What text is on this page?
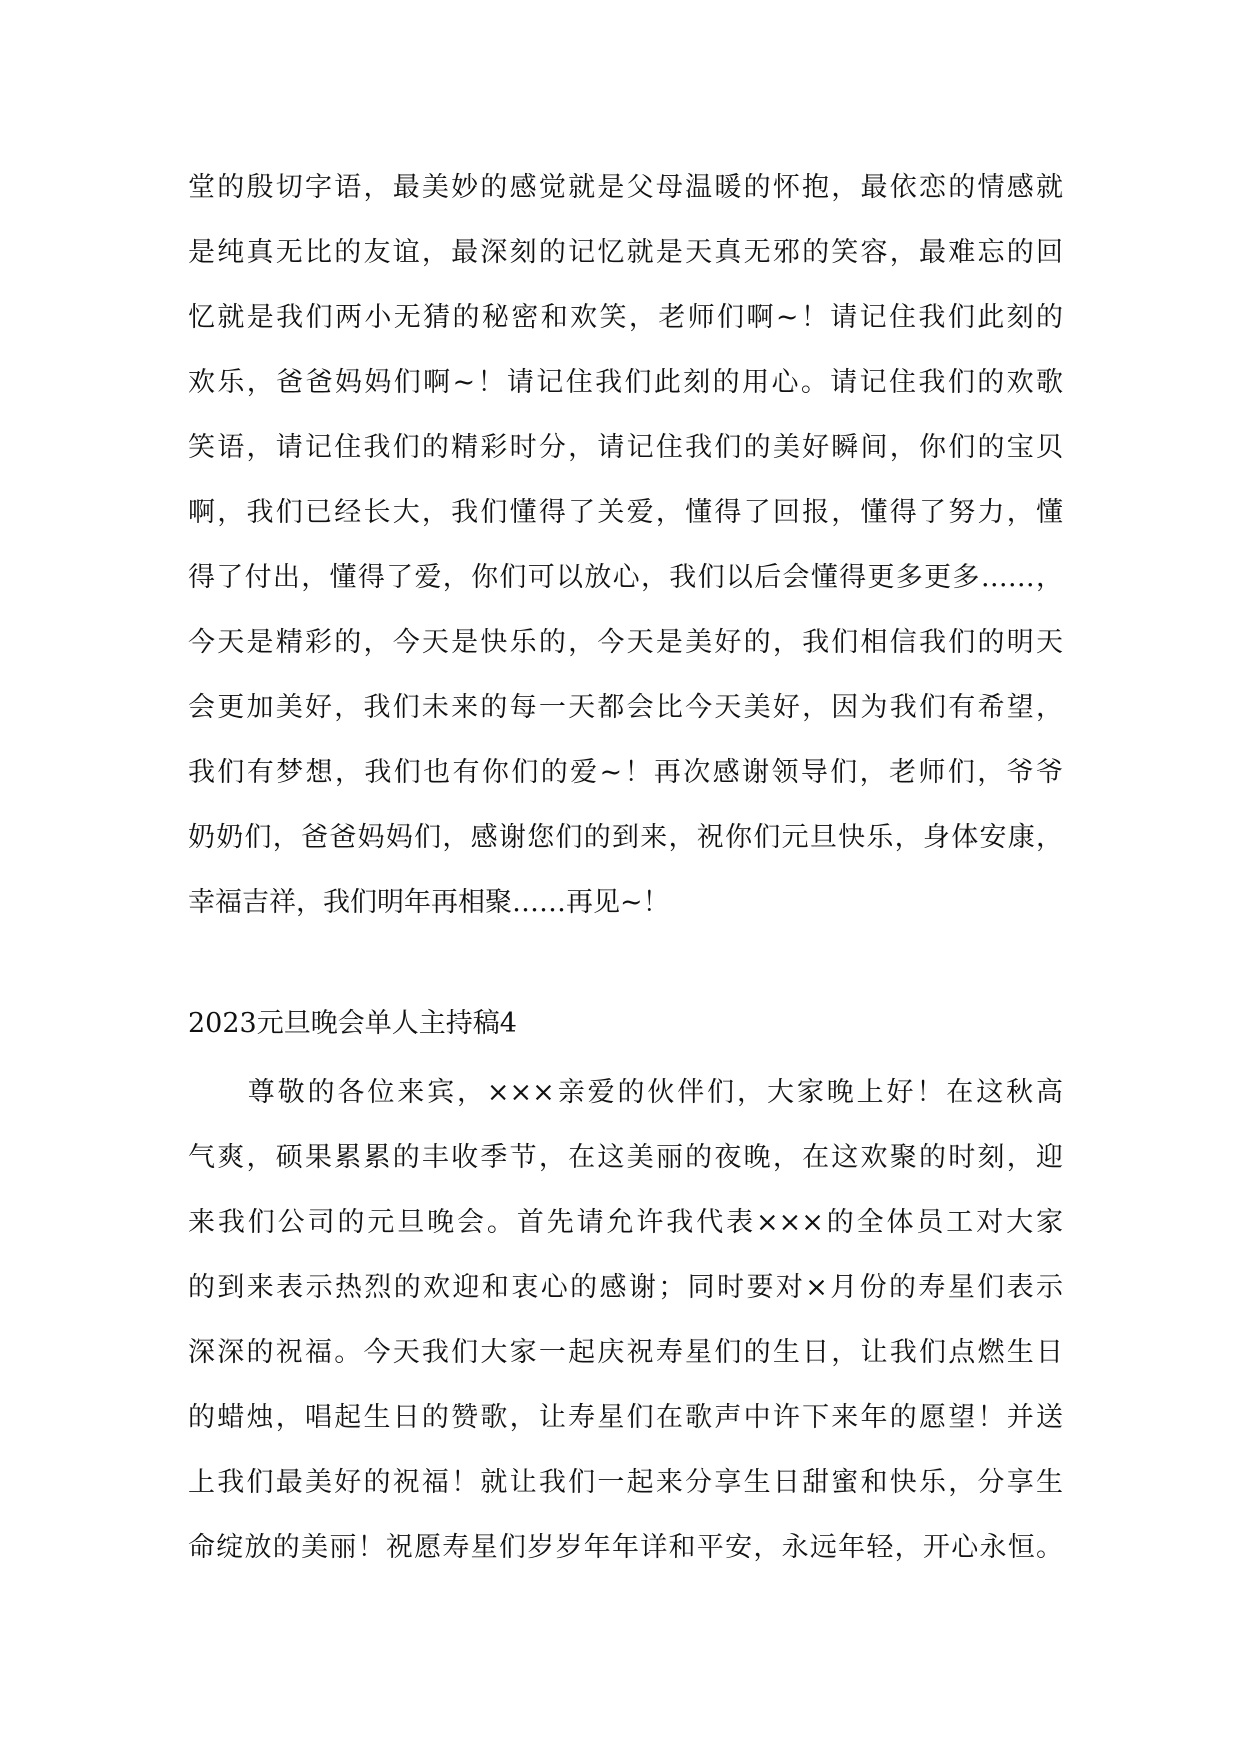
堂的殷切字语，最美妙的感觉就是父母温暖的怀抱，最依恋的情感就
是纯真无比的友谊，最深刻的记忆就是天真无邪的笑容，最难忘的回
忆就是我们两小无猜的秘密和欢笑，老师们啊~！请记住我们此刻的
欢乐，爸爸妈妈们啊~！请记住我们此刻的用心。请记住我们的欢歌
笑语，请记住我们的精彩时分，请记住我们的美好瞬间，你们的宝贝
啊，我们已经长大，我们懂得了关爱，懂得了回报，懂得了努力，懂
得了付出，懂得了爱，你们可以放心，我们以后会懂得更多更多……，
今天是精彩的，今天是快乐的，今天是美好的，我们相信我们的明天
会更加美好，我们未来的每一天都会比今天美好，因为我们有希望，
我们有梦想，我们也有你们的爱~！再次感谢领导们，老师们，爷爷
奶奶们，爸爸妈妈们，感谢您们的到来，祝你们元旦快乐，身体安康，
幸福吉祥，我们明年再相聚……再见~！
2023元旦晚会单人主持稿4
　　尊敬的各位来宾，×××亲爱的伙伴们，大家晚上好！在这秋高
气爽，硕果累累的丰收季节，在这美丽的夜晚，在这欢聚的时刻，迎
来我们公司的元旦晚会。首先请允许我代表×××的全体员工对大家
的到来表示热烈的欢迎和衷心的感谢；同时要对×月份的寿星们表示
深深的祝福。今天我们大家一起庆祝寿星们的生日，让我们点燃生日
的蜡烛，唱起生日的赞歌，让寿星们在歌声中许下来年的愿望！并送
上我们最美好的祝福！就让我们一起来分享生日甜蜜和快乐，分享生
命绽放的美丽！祝愿寿星们岁岁年年详和平安，永远年轻，开心永恒。
